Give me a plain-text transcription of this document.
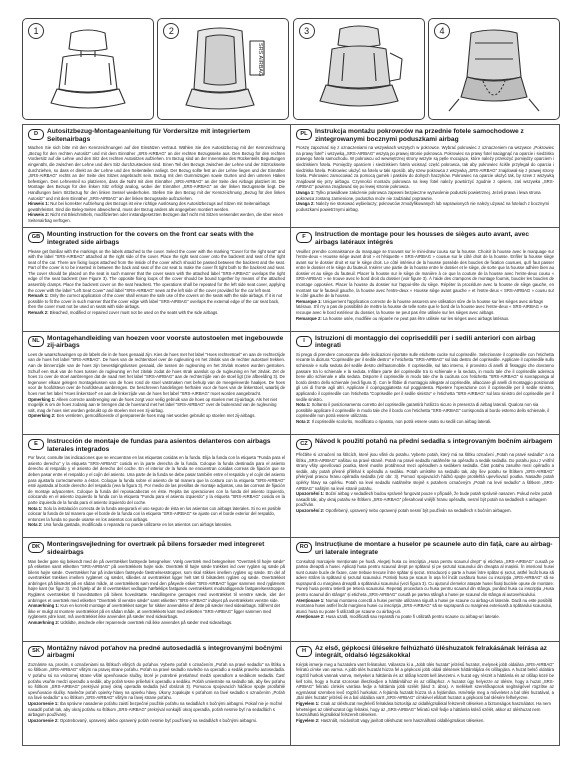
1	2
SRS AIRBAG
3	4
D	Autositzbezug-Montageanleitung für Vordersitze mit integriertem Seitenairbags
Machen Sie sich bitte mit den Kennzeichnungen auf den Einsätzen vertraut. Wählen Sie den Autositzbezug mit der Kennzeichnung „Bezug für den rechten Autositz" und mit dem Einnäher „SRS-AIRBAG" an der rechten Bezugsseite aus. Den Bezug für den rechten Vordersitz auf die Lehne und den Sitz des rechten Autositzes aufziehen. Im Bezug sind an der Innenseite des Rückenteils Begurtungen eingenäht, die zwischen der Lehne und dem Sitz durchzustecken sind. Einen Teil des Bezugs zwischen der Lehne und der Sitzrückseite durchziehen, so dass er direkt an der Lehne und den Seitenteilen anliegt. Der Bezug sollte fest an der Lehne liegen und der Einnäher „SRS-AIRBAG" rechts an der Seite des Sitzes angebracht sein. Bezug mit den Gummizügen sowie Gurten und den unteren Haken befestigen. Den Lehnenteil so platzieren, dass die Naht mit dem Einnäher „SRS-AIRBAG" an der Seite des Airbags platziert ist. Die Montage des Bezugs für den linken Sitz erfolgt analog, wobei der Einnäher „SRS-AIRBAG" an der linken Bezugsseite liegt. Die Handlungen beim Sitzbezug für den linken Sessel wiederholen. Stellen Sie den Bezug mit der Kennzeichnung „Bezug für den linken Autositz" und mit dem Einnäher „SRS-AIRBAG" an der linken Bezugsseite aufzuziehen.
Hinweis 1: Nur bei korrekter Aufziehung des Bezugs ist eine richtige Auslösung des Autositzbezugs auf Sitzen mit Seitenairbags gewährleistet. Sind die Beleg-Seiten abweichend, muss der Bezug anders als angegeben montiert werden.
Hinweis 2: Nicht mit Bleichmitteln, modifizierten oder instandgesetzten Bezügen darf nicht mit Sitzen verwendet werden, die über einen Seitenairbag verfügen.
PL	Instrukcja montażu pokrowców na przednie fotele samochodowe z zintegrowanymi bocznymi poduszkami airbag
Proszę zapoznać się z oznaczeniami na wszywkach wszytych w pokrowce. Wybrać pokrowiec z oznaczeniem na wszywce „Pokrowiec na prawy fotel" i wszywką „SRS-AIRBAG" wszytą po prawej stronie pokrowca. Pokrowiec na prawy fotel naciągnąć na oparcie i siedzisko prawego fotela samochodu. W pokrowcu od wewnętrznej strony wszyte są pętle mocujące, które należy przełożyć pomiędzy oparciem i siedziskiem fotela. Pomiędzy oparciem i siedziskiem fotela wcisnąć część pokrowca, tak aby pokrowiec ściśle przylegał do oparcia i siedziska fotela. Pokrowiec ułożyć na fotelu w taki sposób, aby szew pokrowca z wszywką „SRS-AIRBAG" znajdował się z prawej strony fotela. Pokrowiec zamocować za pomocą gumek i pasków do dolnych haczyków. Pokrowiec na oparcie ułożyć tak, by szew z wszywką znajdował się przy airbagu. Czynności montażu pokrowca na lewy fotel należy powtórzyć zgodnie z opisem, zaś wszywka „SRS-AIRBAG" powinna znajdować się po lewej stronie pokrowca.
Uwaga 1: Tylko prawidłowe założenie pokrowca zapewni bezpieczne wyzwolenie poduszki powietrznej. Jeżeli prawa i lewa strona pokrowca zostaną zamienione, poduszka może nie zadziałać poprawnie.
Uwaga 2: Należy nie stosować wybielaczy; pokrowców zmodyfikowanych lub naprawionych nie należy używać na fotelach z bocznymi poduszkami powietrznymi airbag.
GB	Mounting instruction for the covers on the front car seats with the integrated side airbags
Please get familiar with the markings on the labels attached to the cover. Select the cover with the marking "Cover for the right seat" and with the label "SRS-AIRBAG" attached at the right side of the cover. Place the right seat cover onto the backrest and seat of the right seat of the car. There are fixing loops attached from the inside of the cover which should be passed between the backrest and the seat. Part of the cover is to be inserted in between the back and seat of the car seat to make the cover fit tight both to the backrest and seat. The cover should be placed on the seat in such manner that the cover seam with the attached label "SRS-AIRBAG" overlaps the right edge of the seat backrest (see Figure 3). The opposite fixing loops of the cover should be bound together by means of the attached assembly clamps. Place the backrest cover on the seat headrest. The operations shall be repeated for the left side seat cover, applying the cover with the label "Left Seat Cover" and label "SRS-AIRBAG" sewn at the left side of the cover provided for the car left seat.
Remark 1: Only the correct application of the cover shall ensure the safe use of the covers on the seats with the side airbags. If it is not possible to fit the cover in such manner that the cover edge with label "SRS-AIRBAG" overlaps the external edge of the car seat back, then the cover must not be used on seats with side airbags.
Remark 2: Bleached, modified or repaired cover must not be used on the seats with the side airbags.
F	Instruction de montage pour les housses de sièges auto avant, avec airbags latéraux intégrés
Veuillez prendre connaissance du marquage se trouvant sur le mini-draw cousu sur la housse. Choisir la housse avec le marquage sur l'entre-deux « Housse siège avant droit » et l'étiquette « SRS-AIRBAG » cousue sur le côté droit de la housse. Enfiler la housse siège avant sur le dossier droit et sur le siège droit. Le côté intérieur de la housse possède des boucles de fixation cousues, qu'il faut passer entre le dossier et le siège du fauteuil. Insérer une partie de la housse entre le dossier et le siège, de sorte que la housse adhère bien au dossier et au siège du fauteuil. Placer la housse sur le siège de manière à ce que la couture de la housse avec l'entre-deux cousu « SRS-AIRBAG » se trouve avec le bord droit du dossier (voir figure 3). À l'aide des crampons de montage fournis, boucler les boucles de montage opposées. Placer la housse du dossier sur l'appui-tête du siège. Répéter la procédure avec la housse de siège gauche, en montant sur le fauteuil gauche, la housse avec l'entre-deux « Housse siège avant gauche » et l'entre-deux « SRS-AIRBAG » cousu sur le côté gauche de la housse.
Remarque 1: Uniquement l'application correcte de la housse assurera une utilisation sûre de la housse sur les sièges avec airbags latéraux. S'il n'y a pas de possibilité de mettre la housse de telle sorte que le bord de la housse avec l'entre-deux « SRS-AIRBAG » se recoupe avec le bord extérieur du dossier, la housse ne peut pas être utilisée sur les sièges avec airbags.
Remarque 2: La housse usée, modifiée ou réparée ne peut pas être utilisée sur les sièges avec airbags latéraux.
NL	Montagehandleiding van hoezen voor voorste autostoelen met ingebouwde zij-airbags
Lees de waarschuwingen op de labels die in de hoes genaaid zijn. Kies de hoes met het label "Hoes rechterstoel" en aan de rechterzijde van de hoes het label "SRS-AIRBAG". De hoes van de rechterstoel over de rugleuning en het zitvlak van de rechter autostoel trekken. Aan de binnenzijde van de hoes zijn bevestigingslussen genaaid, die tussen de rugleuning en het zitvlak moeten worden gestoken. Schuif een stuk van de hoes tussen de rugleuning en het zitvlak zodat de hoes strak aansluit op de rugleuning en het zitvlak. Zet de hoes zo over de stoel aanbrengen dat de naad met het label "SRS-AIRBAG" aan de rechterzijde van de stoel ligt (zie afbeelding 3). De tegenover elkaar gelegen montagelussen van de hoes rond de stoel vastmaken met behulp van de meegeleverde haakjes. De hoes voor de hoofdsteun over de hoofdsteun aanbrengen. De beschreven handelingen herhalen voor de hoes van de linkerstoel, waarbij de hoes met het label "Hoes linkerstoel" en aan de linkerzijde van de hoes het label "SRS-AIRBAG" moet worden aangebracht.
Opmerking 1: Alleen correcte aanbrenging van de hoes zorgt voor veilig gebruik van de hoes op stoelen met zij-airbags. Als het niet mogelijk is om de hoes zodanig aan te brengen dat de hoesrand met het label "SRS-AIRBAG" over de buitenrand van de rugleuning valt, mag de hoes niet worden gebruikt op de stoelen met een zij-airbag.
Opmerking 2: Een versleten, gemodificeerde of gerepareerde hoes mag niet worden gebruikt op stoelen met zij-airbags.
I	Istruzioni di montaggio dei copriseddili per i sedili anteriori con airbag integrati
Si prega di prendere conoscenza delle indicazioni riportate sulle etichette cucite sul coprisedile. Selezionare il coprisedile con l'etichetta recante la dicitura "Coprisedile per il sedile destro" e l'etichetta "SRS-AIRBAG" sul lato destro del coprisedile. Applicare il coprisedile sullo schienale e sulla seduta del sedile destro dell'automobile. Il coprisedile, sul lato interno, è provvisto di anelli di fissaggio che dovranno passare tra lo schienale e la seduta. Infilare parte del coprisedile tra lo schienale e la seduta, in modo tale che il coprisedile aderisca bene allo schienale e alla seduta. Disporre il coprisedile in modo tale che la cucitura con l'etichetta "SRS-AIRBAG" si sovrapponga al bordo destro dello schienale (vedi figura 3). Con le fibbie di montaggio allegate al coprisedile, allacciare gli anelli di montaggio posizionati gli uni di fronte agli altri. Applicare il coprigoggiatesta sul poggiatesta. Ripetere l'operazione con il coprisedile per il sedile sinistro, applicando il coprisedile con l'etichetta "Coprisedile per il sedile sinistro" e l'etichetta "SRS-AIRBAG" sul lato sinistro del coprisedile per il sedile sinistro.
Nota 1: Soltanto il posizionamento corretto del coprisedile garantirà l'utilizzo sicuro in presenza di airbag laterali. Qualora non sia possibile applicare il coprisedile in modo tale che il bordo con l'etichetta "SRS-AIRBAG" corrisponda al bordo esterno dello schienale, il coprisedile non potrà essere utilizzato.
Nota 2: Il coprisedile scolorito, modificato o riparato, non potrà essere usato su sedili con airbag laterali.
E	Instrucción de montaje de fundas para asientos delanteros con airbags laterales integrados
Por favor, consulte las indicaciones que se encuentran en las etiquetas cosidas en la funda. Elija la funda con la etiqueta "Funda para el asiento derecho" y la etiqueta "SRS-AIRBAG" cosida en la parte derecha de la funda. Coloque la funda destinada para el asiento derecho al respaldo y el asiento del derecho del coche. En el interior de la funda se encuentran cosidas correas de fijación que se deben pasar entre el respaldo y el cojín del asiento. Una parte de la funda se debe pasar también entre el respaldo y el cojín del asiento para ajustarla correctamente a éstos. Coloque la funda sobre el asiento de tal manera que la costura con la etiqueta "SRS-AIRBAG" esté ajustada al borde derecho del respaldo (vea la figura 3). Por medio de las presillas de montaje adjuntas, una las correas de fijación de montaje adyacentes. Coloque la funda del reposacabezas en éste. Repita las operaciones con la funda del asiento izquierdo, colocando en el asiento izquierdo la funda con la etiqueta "Funda para el asiento izquierdo" y la etiqueta "SRS-AIRBAG" cosida en la parte izquierda de la funda para el asiento izquierdo del coche.
Nota 1: Solo la instalación correcta de la funda asegurará el uso seguro de ésta en los asientos con airbags laterales. Si no es posible colocar la funda de tal manera que el borde de la funda con la etiqueta "SRS-AIRBAG" se ajuste con el borde exterior del respaldo, entonces la funda no puede usarse en los asientos con airbags.
Nota 2: Una funda gastada, modificada o reparada no puede utilizarse en los asientos con airbags laterales.
CZ	Návod k použití potahů na přední sedadla s integrovaným bočním airbagem
Přečtěte si označení na štítcích, které jsou všité do potahu. Vyberte potah, který má na štítku označení „Potah na pravé sedadlo" a na štítku „SRS-AIRBAG" našitou na pravé straně. Potah na pravé sedadlo natáhněte na opěradlo a sedák sedadla. Do potahu jsou z vnitřní strany všity upevňovací poutka, které musíte protáhnout mezi opěradlem a sedákem sedadla. Část potahu zasuňte mezi opěradlo a sedák, aby potah přesně přiléhal k opěradlu a sedáku. Potah umístěte na sedadlo tak, aby šev potahu se štítkem „SRS-AIRBAG" překrýval pravou hranu opěradla sedadla (viz obr. 3). Pomocí spojovacích háčků spojte protilehlá upevňovací poutka. Nasaďte potah opěrky hlavy na opěrku. Potah na levé sedadlo natáhněte stejně s potahem označeným „Potah na levé sedadlo" a štítkem „SRS-AIRBAG" našitým na levé straně potahu.
Upozornění 1: Boční airbag v sedadlech budou správně fungovat pouze v případě, že bude potah správně nasazen. Pokud nelze potah nasadit tak, aby okraj potahu se štítkem „SRS-AIRBAG" přesahoval vnější hranu opěradla, nesmí být potah na sedadlech s airbagem používán.
Upozornění 2: Opotřebený, upravený nebo opravený potah nesmí být používán na sedadlech s bočním airbagem.
DK	Monteringsvejledning for overtræk på bilens forsæder med integreret sideairbags
Man beder gøre sig bekendt med de på overtrækket fastsyede betegnelser. Vælg overtræk med betegnelsen "Overtræk til højre sæde" på etiketten samt etiketten "SRS-AIRBAG" på overtrækkets højre side. Overtræk til højre sæde trækkes ind over ryglæn og sæde på bilens højre sæde. Overtrækket har på indersiden fastsyede fæstnelsesstropper, som skal stikkes imellem ryglæn og sæde. En del af overtrækket trækkes imellem ryglænet og sædet, således at overtrækket ligger helt tæt til bilsædets ryglæn og sæde. Overtrækket anbringes på bilsædet på en sådan måde, at overtrækkets søm med den påsyede etiket "SRS-AIRBAG" ligger sammen med ryglænets højre kant (se figur 3). Ved hjælp af de til overtrækket vedlagte hæfteklips fastgøres overtrækkets modsatliggende fastgørelsesstropper. Ryglæns overtrækket til hovedstøtten på bilens hovedstøtte. Handlingerne gentages med overtrækket til venstre sæde, idet der anbringes et overtræk med etiketten "Overtræk til venstre sæde" samt etiketten "SRS-AIRBAG" indsyet på overtrækkets venstre side.
Anmærkning 1: Kun en korrekt montage af overtrækket sørger for sikker anvendelse af dette på sæder med sideairbags. Såfremt det ikke er muligt at montere overtrækket på en sådan måde, at overtrækkets kant med etiketten "SRS-AIRBAG" ligger sammen med ryglænets ydre kant, må overtrækket ikke anvendes på sæder med sideairbags.
Anmærkning 2: Udslidte, ændrede eller reparerede overtræk må ikke anvendes på sæder med sideairbags.
RO	Instrucțiune de montare a huselor pe scaunele auto din față, care au airbag-uri laterale integrate
Consultați marcajele menționate pe husă. Alegeți husa cu inscripția „Husa pentru scaunul drept" și eticheta „SRS-AIRBAG" cusută pe partea dreaptă a husei. Aplicați husa pentru scaunul drept pe spătarul și pe șezutul scaunului din dreapta al mașinii. În interiorul husei sunt cusute bucle de fixare, care trebuie trecute între spătar și șezut. Introduceți o parte a husei între spătar și șezut, astfel încât husa să adere strâns la spătarul și șezutul scaunului. Potriviți husa pe scaun în așa fel încât cusătura husei cu inscripția „SRS-AIRBAG" să se suprapună cu marginea dreaptă a spătarului scaunului (vezi figura 3). Cu ajutorul clemelor atașate husei fixați buclele opuse de montare. Puneți husa pentru tetieră pe tetiera scaunului. Repetați procedura cu husa pentru scaunul din stânga, punând husa cu inscripția „Husa pentru scaunul din stânga" și eticheta „SRS-AIRBAG" cusută pe partea stângă a husei pe scaunul din stânga al autovehiculului.
Atenționare 1: Numai montarea corectă a husei permite utilizarea sigură a husei pe scaune cu airbag-uri laterale. Dacă nu este posibilă montarea husei astfel încât marginea husei cu inscripția „SRS-AIRBAG" să se suprapună cu marginea exterioară a spătarului scaunului, atunci husa nu poate fi utilizată pe scaune cu airbag-uri.
Atenționare 2: Husa uzată, modificată sau reparată nu poate fi utilizată pentru scaune cu airbag-uri laterale.
SK	Montážny návod poťahov na predné autosedadlá s integrovanými bočnými airbagmi
Zoznámte sa, prosím, s označeniami na štítkoch všitých do poťahov. Vyberte poťah s označením „Poťah na pravé sedadlo" na štítku a so štítkom „SRS-AIRBAG" všitým na pravej strane poťahu. Poťah na pravé sedadlo navlečte na operadlo a sedák pravého autosedadla. V poťahu sú na vnútornej strane všité upevňovacie slučky, ktoré je potrebné pretiahnuť medzi operadlom a sedákom sedadla. Časť poťahu vsuňte medzi operadlo a sedák, aby poťah tesne priliehal k operadlu a sedáku. Poťah umiestnite na sedadlo tak, aby šev poťahu so štítkom „SRS-AIRBAG" prekrýval pravý okraj operadla sedadla (viď obrázok 3). Pomocou spojovacích háčikov spojte protiľahlé upevňovacie slučky. Navlečte poťah opierky hlavy na opierku hlavy. Úkony zopakujte s poťahom na ľavé sedadlo s označením „Poťah na ľavé sedadlo" a so štítkom „SRS-AIRBAG" všitým na ľavej strane poťahu.
Upozornenie 1: Iba správne nasadenie poťahu zaistí bezpečné použitie poťahu na sedadlách s bočnými airbagmi. Pokiaľ nie je možné nasadiť poťah tak, aby okraj poťahu so štítkom „SRS-AIRBAG" prekrýval vonkajší okraj operadla, poťah nesmie byť na sedadlách s airbagom používaný.
Upozornenie 2: Opotrebovaný, upravený alebo opravený poťah nesmie byť používaný na sedadlách s bočnými airbagmi.
H	Az első, gépkocsi ülésekre felhúzható üléshuzatok felrakásának leírása az integrált, oldalsó légzsákokkal
Kérjük ismerje meg a huzatokra varrt feliratokat. Válassza ki a „Jobb ülés huzata" jelzésű huzatot, melynek jobb oldalára „SRS-AIRBAG" feliratú címke van varrva. A jobb ülés huzatát húzza fel a gépkocsi jobb oldali ülésének háttámlájára és ülőlapjára. A huzat belső oldalára rögzítő hurkok vannak varrva, melyeket a háttámla és az ülőlap között kell átvezetni. A huzat egy részét a háttámla és az ülőlap közé be kell tolni, hogy a huzat szorosan illeszkedjen a háttámlához és az ülőlaphoz. A huzatot úgy helyezze az ülésre, hogy a huzat „SRS-AIRBAG" feliratú címkés varrása fedje a háttámla jobb szélét (lásd 3. ábra). A mellékelt szerelőkapcsok segítségével rögzítse az egymással szemben levő rögzítő hurkokat. A fejtámla huzatát húzza rá a fejtámlára. Ismételje meg a műveletet a bal ülés huzatával, a „Bal ülés huzata" jelzésű és a bal oldalára varrt „SRS-AIRBAG" címkével ellátott huzatot a gépkocsi bal ülésére felhelyezve.
Figyelem 1: Csak az üléshuzat megfelelő felrakása biztosítja az oldallégzsákkal felszerelt üléseken a biztonságos használatot. Ha nem lehetséges az üléshuzatot úgy felrakni, hogy az „SRS-AIRBAG" feliratú szél fedje a háttámla külső szélét, akkor az üléshuzat nem használható légzsákkal felszerelt üléseken.
Figyelem 2: Használt, módosított vagy javított üléshuzat nem használható oldallégzsákos üléseken.
